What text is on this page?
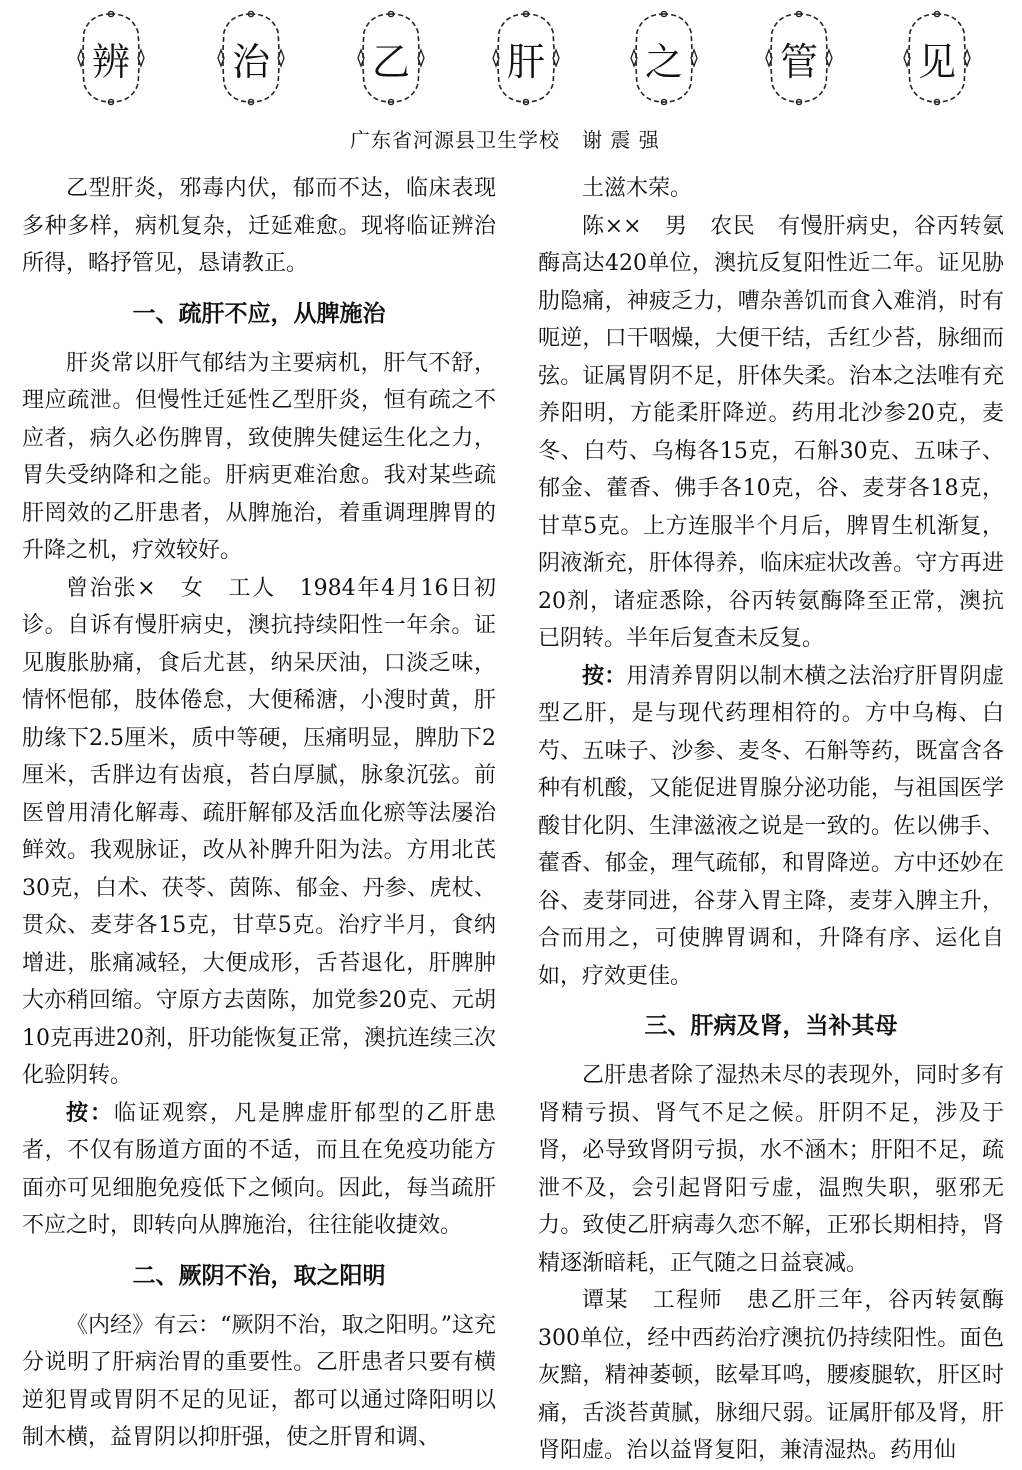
辨	治	乙	肝	之	管	见
广东省河源县卫生学校   谢 震 强

乙型肝炎，邪毒内伏，郁而不达，临床表现多种多样，病机复杂，迁延难愈。现将临证辨治所得，略抒管见，恳请教正。

一、疏肝不应，从脾施治

肝炎常以肝气郁结为主要病机，肝气不舒，理应疏泄。但慢性迁延性乙型肝炎，恒有疏之不应者，病久必伤脾胃，致使脾失健运生化之力，胃失受纳降和之能。肝病更难治愈。我对某些疏肝罔效的乙肝患者，从脾施治，着重调理脾胃的升降之机，疗效较好。

曾治张×　女　工人　1984年4月16日初诊。自诉有慢肝病史，澳抗持续阳性一年余。证见腹胀胁痛，食后尤甚，纳呆厌油，口淡乏味，情怀悒郁，肢体倦怠，大便稀溏，小溲时黄，肝肋缘下2.5厘米，质中等硬，压痛明显，脾肋下2厘米，舌胖边有齿痕，苔白厚腻，脉象沉弦。前医曾用清化解毒、疏肝解郁及活血化瘀等法屡治鲜效。我观脉证，改从补脾升阳为法。方用北芪30克，白术、茯苓、茵陈、郁金、丹参、虎杖、贯众、麦芽各15克，甘草5克。治疗半月，食纳增进，胀痛减轻，大便成形，舌苔退化，肝脾肿大亦稍回缩。守原方去茵陈，加党参20克、元胡10克再进20剂，肝功能恢复正常，澳抗连续三次化验阴转。

按：临证观察，凡是脾虚肝郁型的乙肝患者，不仅有肠道方面的不适，而且在免疫功能方面亦可见细胞免疫低下之倾向。因此，每当疏肝不应之时，即转向从脾施治，往往能收捷效。

二、厥阴不治，取之阳明

《内经》有云：“厥阴不治，取之阳明。”这充分说明了肝病治胃的重要性。乙肝患者只要有横逆犯胃或胃阴不足的见证，都可以通过降阳明以制木横，益胃阴以抑肝强，使之肝胃和调、

土滋木荣。

陈××　男　农民　有慢肝病史，谷丙转氨酶高达420单位，澳抗反复阳性近二年。证见胁肋隐痛，神疲乏力，嘈杂善饥而食入难消，时有呃逆，口干咽燥，大便干结，舌红少苔，脉细而弦。证属胃阴不足，肝体失柔。治本之法唯有充养阳明，方能柔肝降逆。药用北沙参20克，麦冬、白芍、乌梅各15克，石斛30克、五味子、郁金、藿香、佛手各10克，谷、麦芽各18克，甘草5克。上方连服半个月后，脾胃生机渐复，阴液渐充，肝体得养，临床症状改善。守方再进20剂，诸症悉除，谷丙转氨酶降至正常，澳抗已阴转。半年后复查未反复。

按：用清养胃阴以制木横之法治疗肝胃阴虚型乙肝，是与现代药理相符的。方中乌梅、白芍、五味子、沙参、麦冬、石斛等药，既富含各种有机酸，又能促进胃腺分泌功能，与祖国医学酸甘化阴、生津滋液之说是一致的。佐以佛手、藿香、郁金，理气疏郁，和胃降逆。方中还妙在谷、麦芽同进，谷芽入胃主降，麦芽入脾主升，合而用之，可使脾胃调和，升降有序、运化自如，疗效更佳。

三、肝病及肾，当补其母

乙肝患者除了湿热未尽的表现外，同时多有肾精亏损、肾气不足之候。肝阴不足，涉及于肾，必导致肾阴亏损，水不涵木；肝阳不足，疏泄不及，会引起肾阳亏虚，温煦失职，驱邪无力。致使乙肝病毒久恋不解，正邪长期相持，肾精逐渐暗耗，正气随之日益衰减。

谭某　工程师　患乙肝三年，谷丙转氨酶300单位，经中西药治疗澳抗仍持续阳性。面色灰黯，精神萎顿，眩晕耳鸣，腰痠腿软，肝区时痛，舌淡苔黄腻，脉细尺弱。证属肝郁及肾，肝肾阳虚。治以益肾复阳，兼清湿热。药用仙
